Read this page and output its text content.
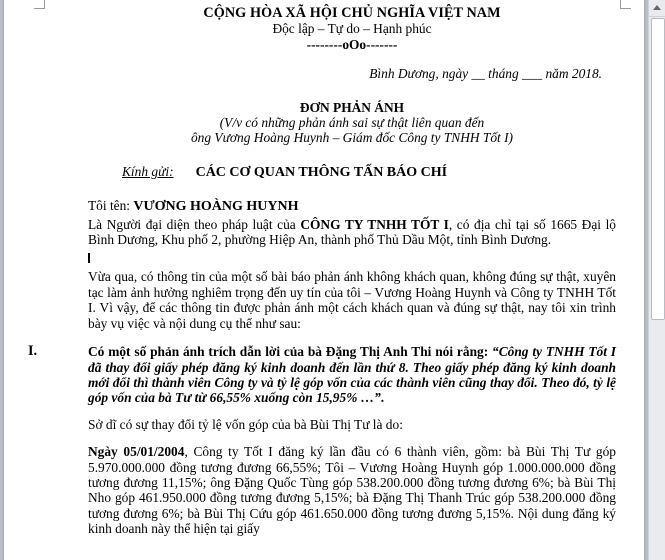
CỘNG HÒA XÃ HỘI CHỦ NGHĨA VIỆT NAM

Độc lập – Tự do – Hạnh phúc

--------oOo-------

Bình Dương, ngày __ tháng ___ năm 2018.

ĐƠN PHẢN ÁNH

(V/v có những phản ánh sai sự thật liên quan đến

ông Vương Hoàng Huynh – Giám đốc Công ty TNHH Tốt I)

Kính gửi: CÁC CƠ QUAN THÔNG TẤN BÁO CHÍ

Tôi tên: VƯƠNG HOÀNG HUYNH

Là Người đại diện theo pháp luật của CÔNG TY TNHH TỐT I, có địa chỉ tại số 1665 Đại lộ Bình Dương, Khu phố 2, phường Hiệp An, thành phố Thủ Dầu Một, tỉnh Bình Dương.

Vừa qua, có thông tin của một số bài báo phản ánh không khách quan, không đúng sự thật, xuyên tạc làm ảnh hưởng nghiêm trọng đến uy tín của tôi – Vương Hoàng Huynh và Công ty TNHH Tốt I. Vì vậy, để các thông tin được phản ánh một cách khách quan và đúng sự thật, nay tôi xin trình bày vụ việc và nội dung cụ thể như sau:

I.	Có một số phản ánh trích dẫn lời của bà Đặng Thị Anh Thi nói rằng: “Công ty TNHH Tốt I đã thay đổi giấy phép đăng ký kinh doanh đến lần thứ 8. Theo giấy phép đăng ký kinh doanh mới đổi thì thành viên Công ty và tỷ lệ góp vốn của các thành viên cũng thay đổi. Theo đó, tỷ lệ góp vốn của bà Tư từ 66,55% xuống còn 15,95% …”.

Sở dĩ có sự thay đổi tỷ lệ vốn góp của bà Bùi Thị Tư là do:

Ngày 05/01/2004, Công ty Tốt I đăng ký lần đầu có 6 thành viên, gồm: bà Bùi Thị Tư góp 5.970.000.000 đồng tương đương 66,55%; Tôi – Vương Hoàng Huynh góp 1.000.000.000 đồng tương đương 11,15%; ông Đặng Quốc Tùng góp 538.200.000 đồng tương đương 6%; bà Bùi Thị Nho góp 461.950.000 đồng tương đương 5,15%; bà Đặng Thị Thanh Trúc góp 538.200.000 đồng tương đương 6%; bà Bùi Thị Cứu góp 461.650.000 đồng tương đương 5,15%. Nội dung đăng ký kinh doanh này thể hiện tại giấy
